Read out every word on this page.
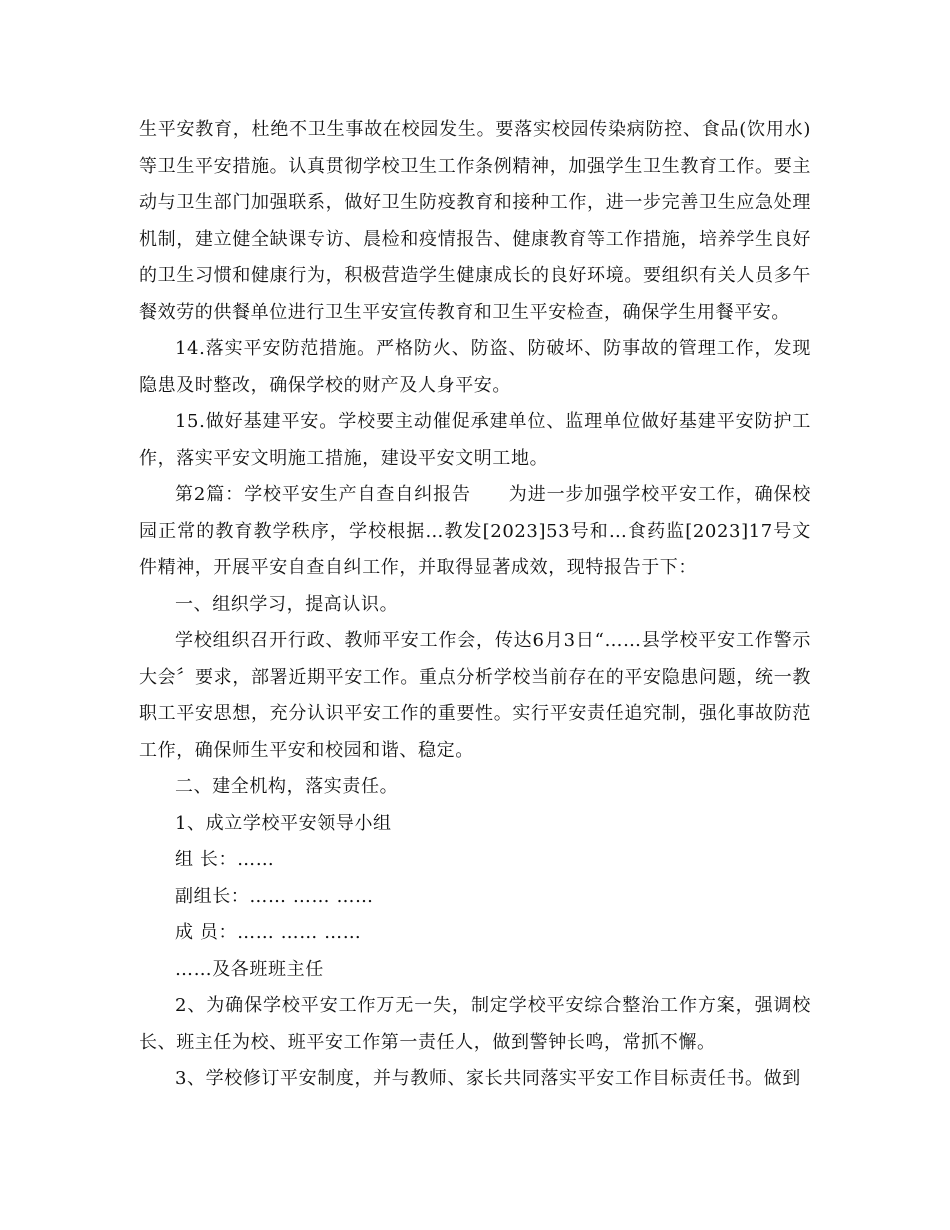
生平安教育，杜绝不卫生事故在校园发生。要落实校园传染病防控、食品(饮用水)等卫生平安措施。认真贯彻学校卫生工作条例精神，加强学生卫生教育工作。要主动与卫生部门加强联系，做好卫生防疫教育和接种工作，进一步完善卫生应急处理机制，建立健全缺课专访、晨检和疫情报告、健康教育等工作措施，培养学生良好的卫生习惯和健康行为，积极营造学生健康成长的良好环境。要组织有关人员多午餐效劳的供餐单位进行卫生平安宣传教育和卫生平安检查，确保学生用餐平安。

14.落实平安防范措施。严格防火、防盗、防破坏、防事故的管理工作，发现隐患及时整改，确保学校的财产及人身平安。

15.做好基建平安。学校要主动催促承建单位、监理单位做好基建平安防护工作，落实平安文明施工措施，建设平安文明工地。

第2篇：学校平安生产自查自纠报告　　为进一步加强学校平安工作，确保校园正常的教育教学秩序，学校根据…教发[2023]53号和…食药监[2023]17号文件精神，开展平安自查自纠工作，并取得显著成效，现特报告于下：

一、组织学习，提高认识。

学校组织召开行政、教师平安工作会，传达6月3日“……县学校平安工作警示大会〞要求，部署近期平安工作。重点分析学校当前存在的平安隐患问题，统一教职工平安思想，充分认识平安工作的重要性。实行平安责任追究制，强化事故防范工作，确保师生平安和校园和谐、稳定。

二、建全机构，落实责任。

1、成立学校平安领导小组

组 长：……

副组长：…… …… ……

成 员：…… …… ……

……及各班班主任

2、为确保学校平安工作万无一失，制定学校平安综合整治工作方案，强调校长、班主任为校、班平安工作第一责任人，做到警钟长鸣，常抓不懈。

3、学校修订平安制度，并与教师、家长共同落实平安工作目标责任书。做到
